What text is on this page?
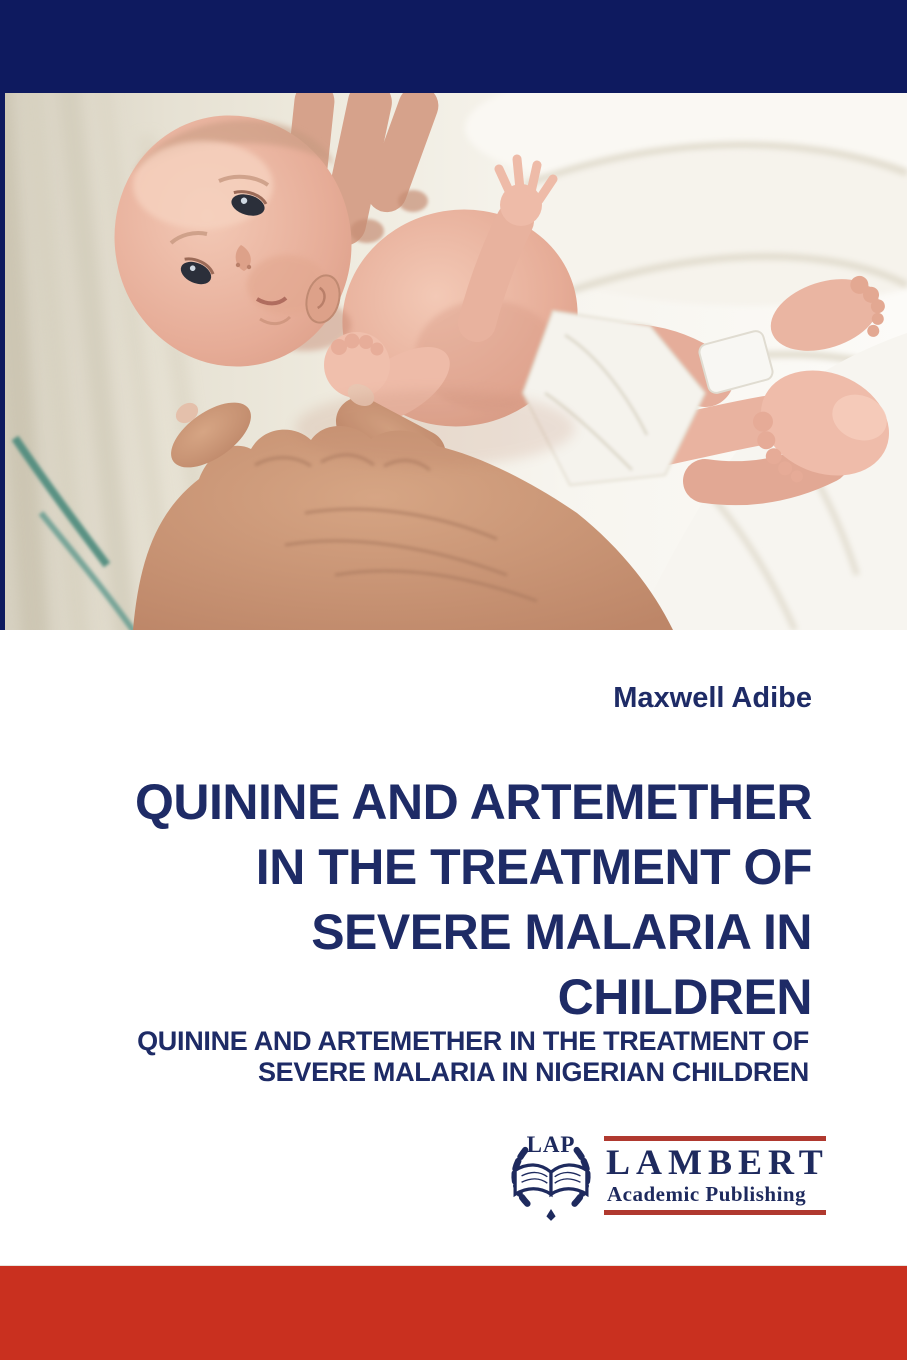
Maxwell Adibe
QUININE AND ARTEMETHER
IN THE TREATMENT OF
SEVERE MALARIA IN
CHILDREN
QUININE AND ARTEMETHER IN THE TREATMENT OF
SEVERE MALARIA IN NIGERIAN CHILDREN
LAP LAMBERT
Academic Publishing
